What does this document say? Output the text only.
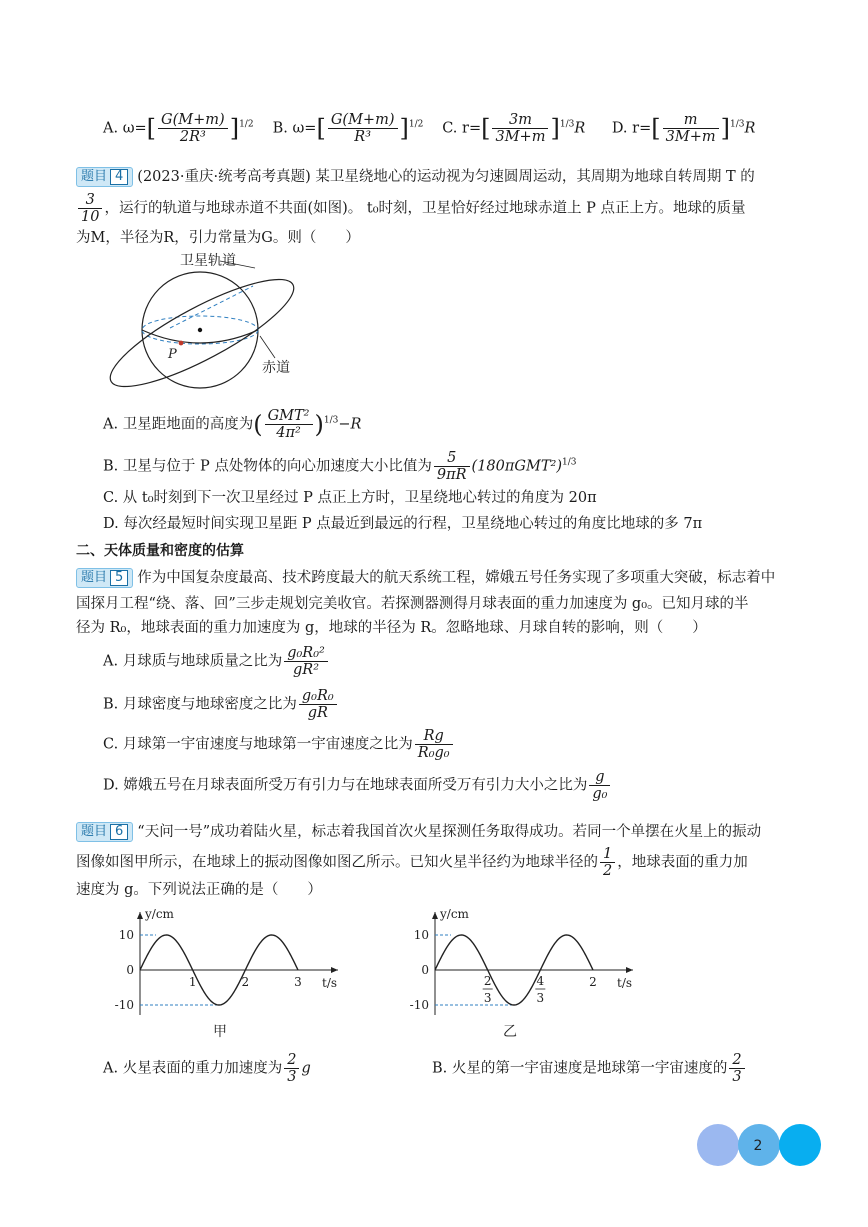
A. $\omega=[ \frac{G(M+m)}{\text{2R³}} ]^{1/2}$ B. $\omega=[ \frac{G(M+m)}{\text{R³}} ]^{1/2}$ C. $r=[ \frac{3m}{3M+m} ]^{1/3}R$ D. $r=[ \frac{m}{3M+m} ]^{1/3}R$
题目 4 (2023·重庆·统考高考真题) 某卫星绕地心的运动视为匀速圆周运动，其周期为地球自转周期 T 的
$\frac{3}{10}$ ，运行的轨道与地球赤道不共面(如图)。 t₀时刻，卫星恰好经过地球赤道上 P 点正上方。地球的质量
为M，半径为R，引力常量为G。则（　　）
卫星轨道
赤道
P
A. 卫星距地面的高度为( $\frac{\text{GMT²}}{\text{4π²}} )^{1/3}-R$
B. 卫星与位于 P 点处物体的向心加速度大小比值为 $\frac{5}{9\pi R} (180\pi GMT^2)^{1/3}$
C. 从 t₀时刻到下一次卫星经过 P 点正上方时，卫星绕地心转过的角度为 20π
D. 每次经最短时间实现卫星距 P 点最近到最远的行程，卫星绕地心转过的角度比地球的多 7π
二、天体质量和密度的估算
题目 5 作为中国复杂度最高、技术跨度最大的航天系统工程，嫦娥五号任务实现了多项重大突破，标志着中
国探月工程“绕、落、回”三步走规划完美收官。若探测器测得月球表面的重力加速度为 g₀。已知月球的半
径为 R₀，地球表面的重力加速度为 g，地球的半径为 R。忽略地球、月球自转的影响，则（　　）
A. 月球质与地球质量之比为 $\frac{\text{g₀R₀²}}{\text{gR²}}$
B. 月球密度与地球密度之比为 $\frac{\text{g₀R₀}}{gR}$
C. 月球第一宇宙速度与地球第一宇宙速度之比为 $\frac{Rg}{\text{R₀g₀}}$
D. 嫦娥五号在月球表面所受万有引力与在地球表面所受万有引力大小之比为 $\frac{g}{\text{g₀}}$
题目 6 “天问一号”成功着陆火星，标志着我国首次火星探测任务取得成功。若同一个单摆在火星上的振动
图像如图甲所示，在地球上的振动图像如图乙所示。已知火星半径约为地球半径的 $\frac{1}{2}$ ，地球表面的重力加
速度为 g。下列说法正确的是（　　）
10
0
-10
1	2	3
y/cm
t/s
甲
10
0
-10
2
3
4
3
2
y/cm
t/s
乙
A. 火星表面的重力加速度为 $\frac{2}{3}$ g	B. 火星的第一宇宙速度是地球第一宇宙速度的 $\frac{2}{3}$
2
